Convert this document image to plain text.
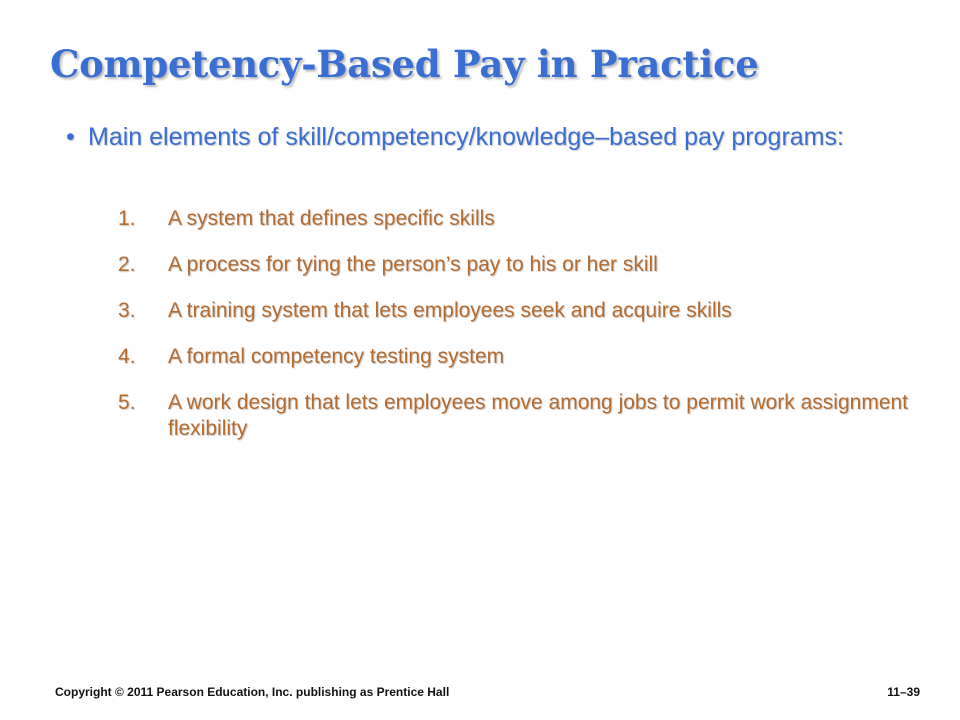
Competency-Based Pay in Practice
• Main elements of skill/competency/knowledge–based pay programs:
1.	A system that defines specific skills
2.	A process for tying the person’s pay to his or her skill
3.	A training system that lets employees seek and acquire skills
4.	A formal competency testing system
5.	A work design that lets employees move among jobs to permit work assignment flexibility
Copyright © 2011 Pearson Education, Inc. publishing as Prentice Hall	11–39
